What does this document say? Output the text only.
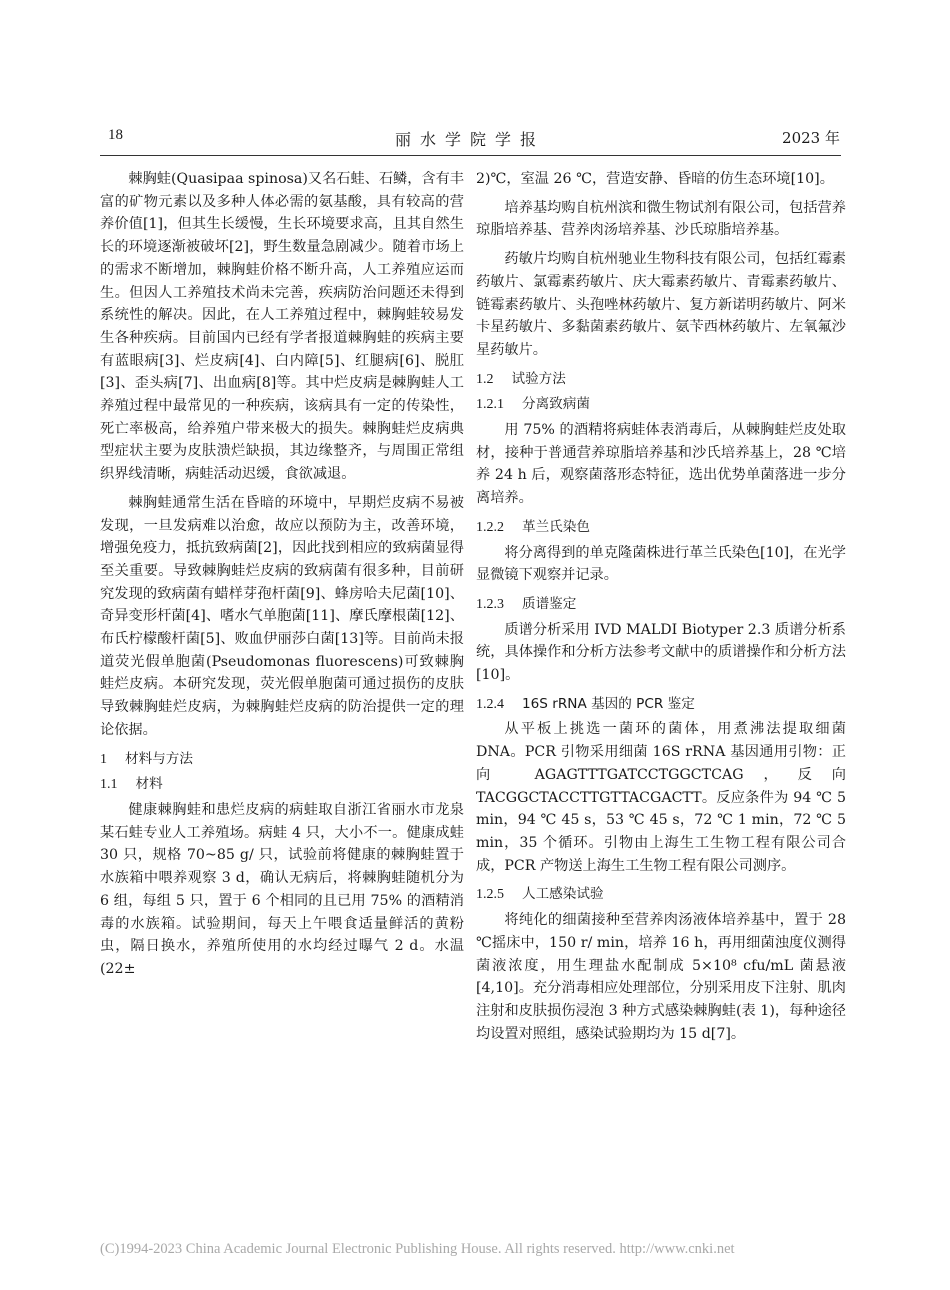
18	丽水学院学报	2023 年

棘胸蛙(Quasipaa spinosa)又名石蛙、石鳞，含有丰富的矿物元素以及多种人体必需的氨基酸，具有较高的营养价值[1]，但其生长缓慢，生长环境要求高，且其自然生长的环境逐渐被破坏[2]，野生数量急剧减少。随着市场上的需求不断增加，棘胸蛙价格不断升高，人工养殖应运而生。但因人工养殖技术尚未完善，疾病防治问题还未得到系统性的解决。因此，在人工养殖过程中，棘胸蛙较易发生各种疾病。目前国内已经有学者报道棘胸蛙的疾病主要有蓝眼病[3]、烂皮病[4]、白内障[5]、红腿病[6]、脱肛[3]、歪头病[7]、出血病[8]等。其中烂皮病是棘胸蛙人工养殖过程中最常见的一种疾病，该病具有一定的传染性，死亡率极高，给养殖户带来极大的损失。棘胸蛙烂皮病典型症状主要为皮肤溃烂缺损，其边缘整齐，与周围正常组织界线清晰，病蛙活动迟缓，食欲减退。

棘胸蛙通常生活在昏暗的环境中，早期烂皮病不易被发现，一旦发病难以治愈，故应以预防为主，改善环境，增强免疫力，抵抗致病菌[2]，因此找到相应的致病菌显得至关重要。导致棘胸蛙烂皮病的致病菌有很多种，目前研究发现的致病菌有蜡样芽孢杆菌[9]、蜂房哈夫尼菌[10]、奇异变形杆菌[4]、嗜水气单胞菌[11]、摩氏摩根菌[12]、布氏柠檬酸杆菌[5]、败血伊丽莎白菌[13]等。目前尚未报道荧光假单胞菌(Pseudomonas fluorescens)可致棘胸蛙烂皮病。本研究发现，荧光假单胞菌可通过损伤的皮肤导致棘胸蛙烂皮病，为棘胸蛙烂皮病的防治提供一定的理论依据。

1 材料与方法
1.1 材料

健康棘胸蛙和患烂皮病的病蛙取自浙江省丽水市龙泉某石蛙专业人工养殖场。病蛙 4 只，大小不一。健康成蛙 30 只，规格 70~85 g/ 只，试验前将健康的棘胸蛙置于水族箱中喂养观察 3 d，确认无病后，将棘胸蛙随机分为 6 组，每组 5 只，置于 6 个相同的且已用 75% 的酒精消毒的水族箱。试验期间，每天上午喂食适量鲜活的黄粉虫，隔日换水，养殖所使用的水均经过曝气 2 d。水温(22±

2)℃，室温 26 ℃，营造安静、昏暗的仿生态环境[10]。

培养基均购自杭州滨和微生物试剂有限公司，包括营养琼脂培养基、营养肉汤培养基、沙氏琼脂培养基。

药敏片均购自杭州驰业生物科技有限公司，包括红霉素药敏片、氯霉素药敏片、庆大霉素药敏片、青霉素药敏片、链霉素药敏片、头孢唑林药敏片、复方新诺明药敏片、阿米卡星药敏片、多黏菌素药敏片、氨苄西林药敏片、左氧氟沙星药敏片。

1.2 试验方法
1.2.1 分离致病菌

用 75% 的酒精将病蛙体表消毒后，从棘胸蛙烂皮处取材，接种于普通营养琼脂培养基和沙氏培养基上，28 ℃培养 24 h 后，观察菌落形态特征，选出优势单菌落进一步分离培养。

1.2.2 革兰氏染色

将分离得到的单克隆菌株进行革兰氏染色[10]，在光学显微镜下观察并记录。

1.2.3 质谱鉴定

质谱分析采用 IVD MALDI Biotyper 2.3 质谱分析系统，具体操作和分析方法参考文献中的质谱操作和分析方法[10]。

1.2.4 16S rRNA 基因的 PCR 鉴定

从平板上挑选一菌环的菌体，用煮沸法提取细菌 DNA。PCR 引物采用细菌 16S rRNA 基因通用引物：正向 AGAGTTTGATCCTGGCTCAG，反向 TACGGCTACCTTGTTACGACTT。反应条件为 94 ℃ 5 min，94 ℃ 45 s，53 ℃ 45 s，72 ℃ 1 min，72 ℃ 5 min，35 个循环。引物由上海生工生物工程有限公司合成，PCR 产物送上海生工生物工程有限公司测序。

1.2.5 人工感染试验

将纯化的细菌接种至营养肉汤液体培养基中，置于 28 ℃摇床中，150 r/ min，培养 16 h，再用细菌浊度仪测得菌液浓度，用生理盐水配制成 5×10⁸ cfu/mL 菌悬液[4,10]。充分消毒相应处理部位，分别采用皮下注射、肌肉注射和皮肤损伤浸泡 3 种方式感染棘胸蛙(表 1)，每种途径均设置对照组，感染试验期均为 15 d[7]。

(C)1994-2023 China Academic Journal Electronic Publishing House. All rights reserved. http://www.cnki.net
